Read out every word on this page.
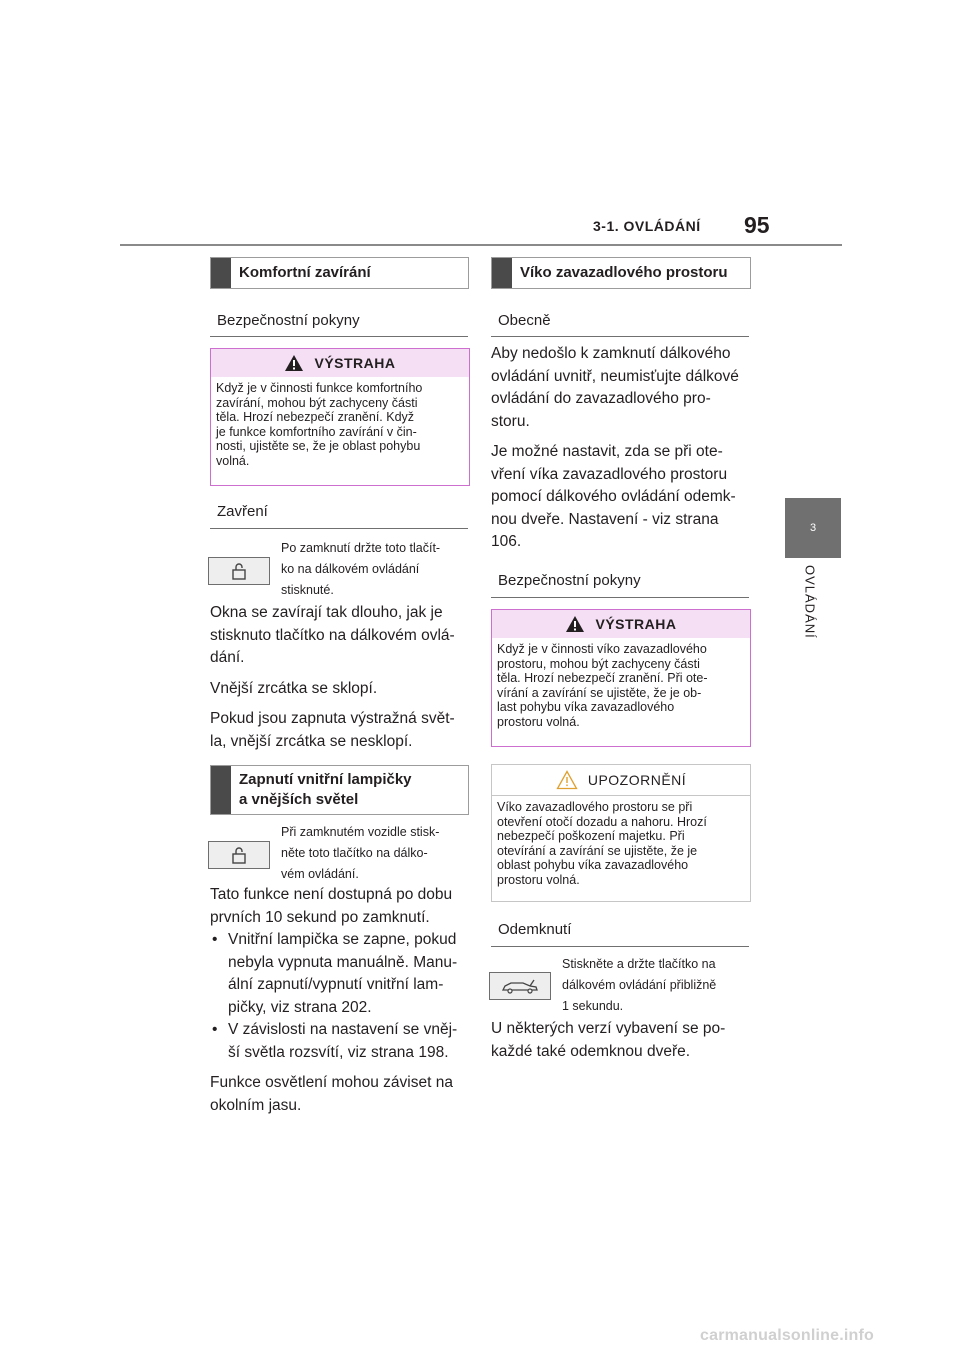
3-1. OVLÁDÁNÍ 95
3
OVLÁDÁNÍ
Komfortní zavírání
Bezpečnostní pokyny
VÝSTRAHA
Když je v činnosti funkce komfortního
zavírání, mohou být zachyceny části
těla. Hrozí nebezpečí zranění. Když
je funkce komfortního zavírání v čin-
nosti, ujistěte se, že je oblast pohybu
volná.
Zavření
Po zamknutí držte toto tlačít-
ko na dálkovém ovládání
stisknuté.

Okna se zavírají tak dlouho, jak je
stisknuto tlačítko na dálkovém ovlá-
dání.

Vnější zrcátka se sklopí.

Pokud jsou zapnuta výstražná svět-
la, vnější zrcátka se nesklopí.

Zapnutí vnitřní lampičky
a vnějších světel
Při zamknutém vozidle stisk-
něte toto tlačítko na dálko-
vém ovládání.

Tato funkce není dostupná po dobu
prvních 10 sekund po zamknutí.

• Vnitřní lampička se zapne, pokud
nebyla vypnuta manuálně. Manu-
ální zapnutí/vypnutí vnitřní lam-
pičky, viz strana 202.
• V závislosti na nastavení se vněj-
ší světla rozsvítí, viz strana 198.

Funkce osvětlení mohou záviset na
okolním jasu.

Víko zavazadlového prostoru
Obecně

Aby nedošlo k zamknutí dálkového
ovládání uvnitř, neumisťujte dálkové
ovládání do zavazadlového pro-
storu.

Je možné nastavit, zda se při ote-
vření víka zavazadlového prostoru
pomocí dálkového ovládání odemk-
nou dveře. Nastavení - viz strana
106.

Bezpečnostní pokyny
VÝSTRAHA
Když je v činnosti víko zavazadlového
prostoru, mohou být zachyceny části
těla. Hrozí nebezpečí zranění. Při ote-
vírání a zavírání se ujistěte, že je ob-
last pohybu víka zavazadlového
prostoru volná.
UPOZORNĚNÍ
Víko zavazadlového prostoru se při
otevření otočí dozadu a nahoru. Hrozí
nebezpečí poškození majetku. Při
otevírání a zavírání se ujistěte, že je
oblast pohybu víka zavazadlového
prostoru volná.
Odemknutí
Stiskněte a držte tlačítko na
dálkovém ovládání přibližně
1 sekundu.

U některých verzí vybavení se po-
každé také odemknou dveře.

carmanualsonline.info
